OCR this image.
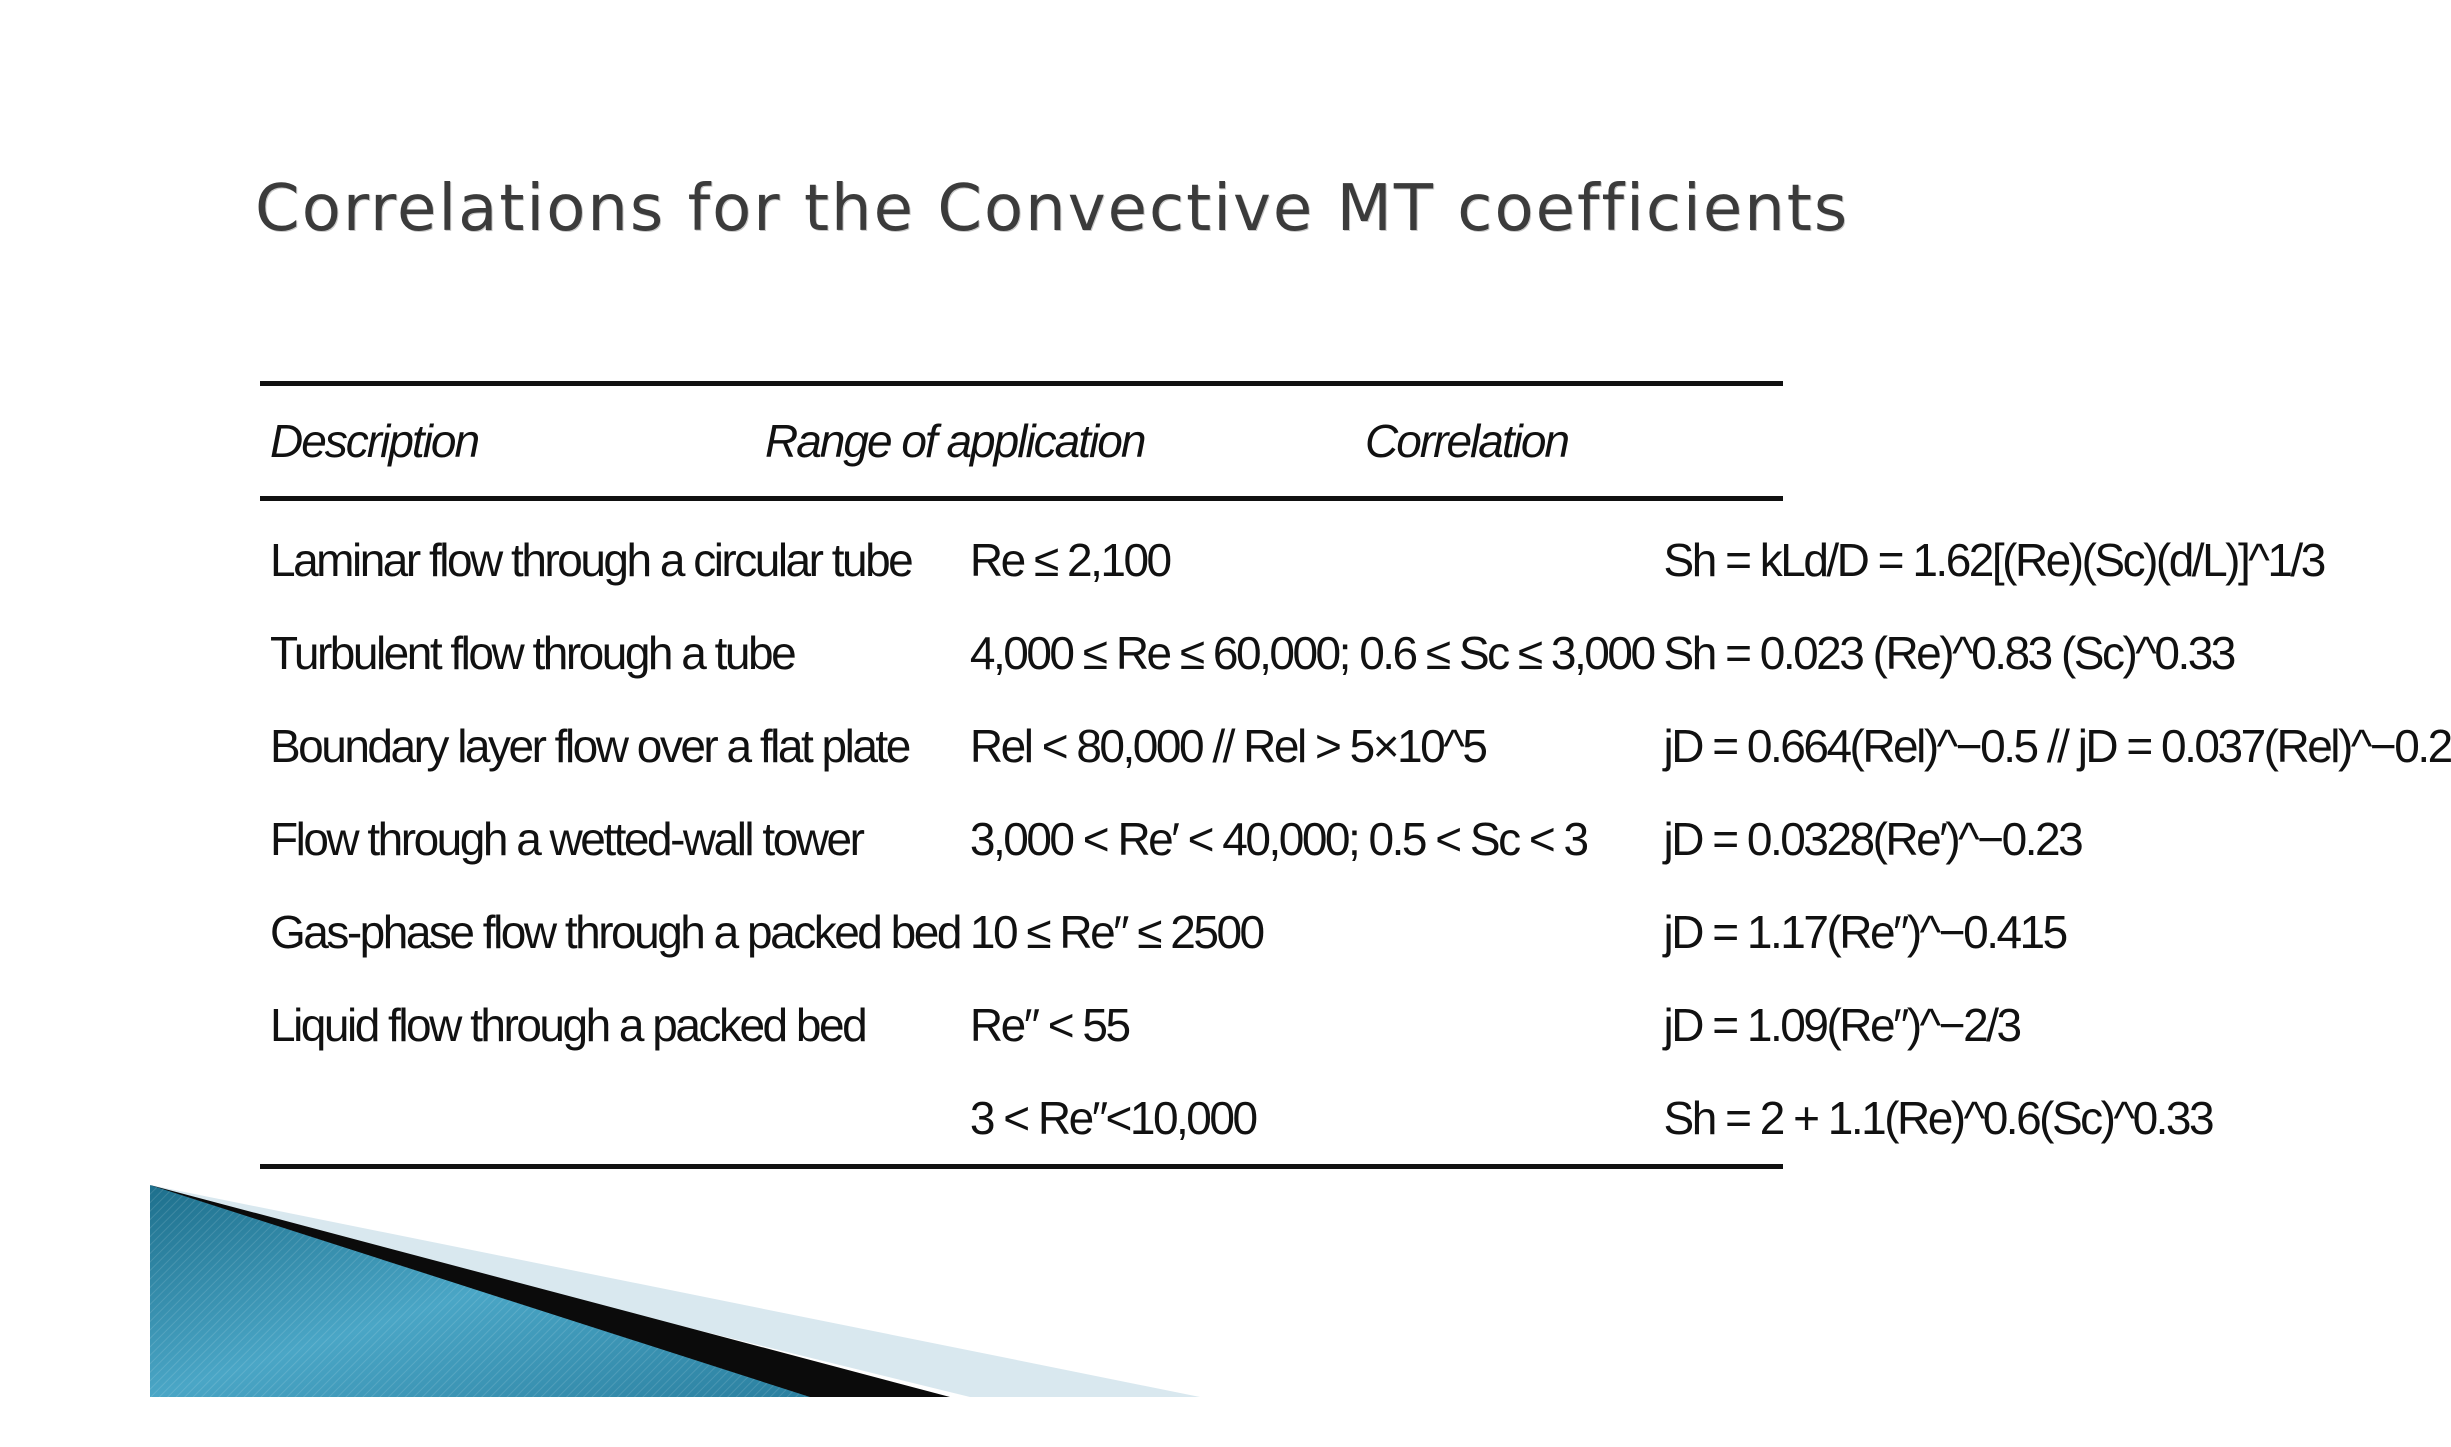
Correlations for the Convective MT coefficients
Description	Range of application	Correlation
Laminar flow through a circular tube	Re ≤ 2,100	Sh = kLd/D = 1.62[(Re)(Sc)(d/L)]^1/3
Turbulent flow through a tube	4,000 ≤ Re ≤ 60,000; 0.6 ≤ Sc ≤ 3,000	Sh = 0.023 (Re)^0.83 (Sc)^0.33
Boundary layer flow over a flat plate	Rel < 80,000 // Rel > 5×10^5	jD = 0.664(Rel)^−0.5 // jD = 0.037(Rel)^−0.2
Flow through a wetted-wall tower	3,000 < Re′ < 40,000; 0.5 < Sc < 3	jD = 0.0328(Re′)^−0.23
Gas-phase flow through a packed bed	10 ≤ Re″ ≤ 2500	jD = 1.17(Re″)^−0.415
Liquid flow through a packed bed	Re″ < 55	jD = 1.09(Re″)^−2/3
	3 < Re″<10,000	Sh = 2 + 1.1(Re)^0.6(Sc)^0.33
